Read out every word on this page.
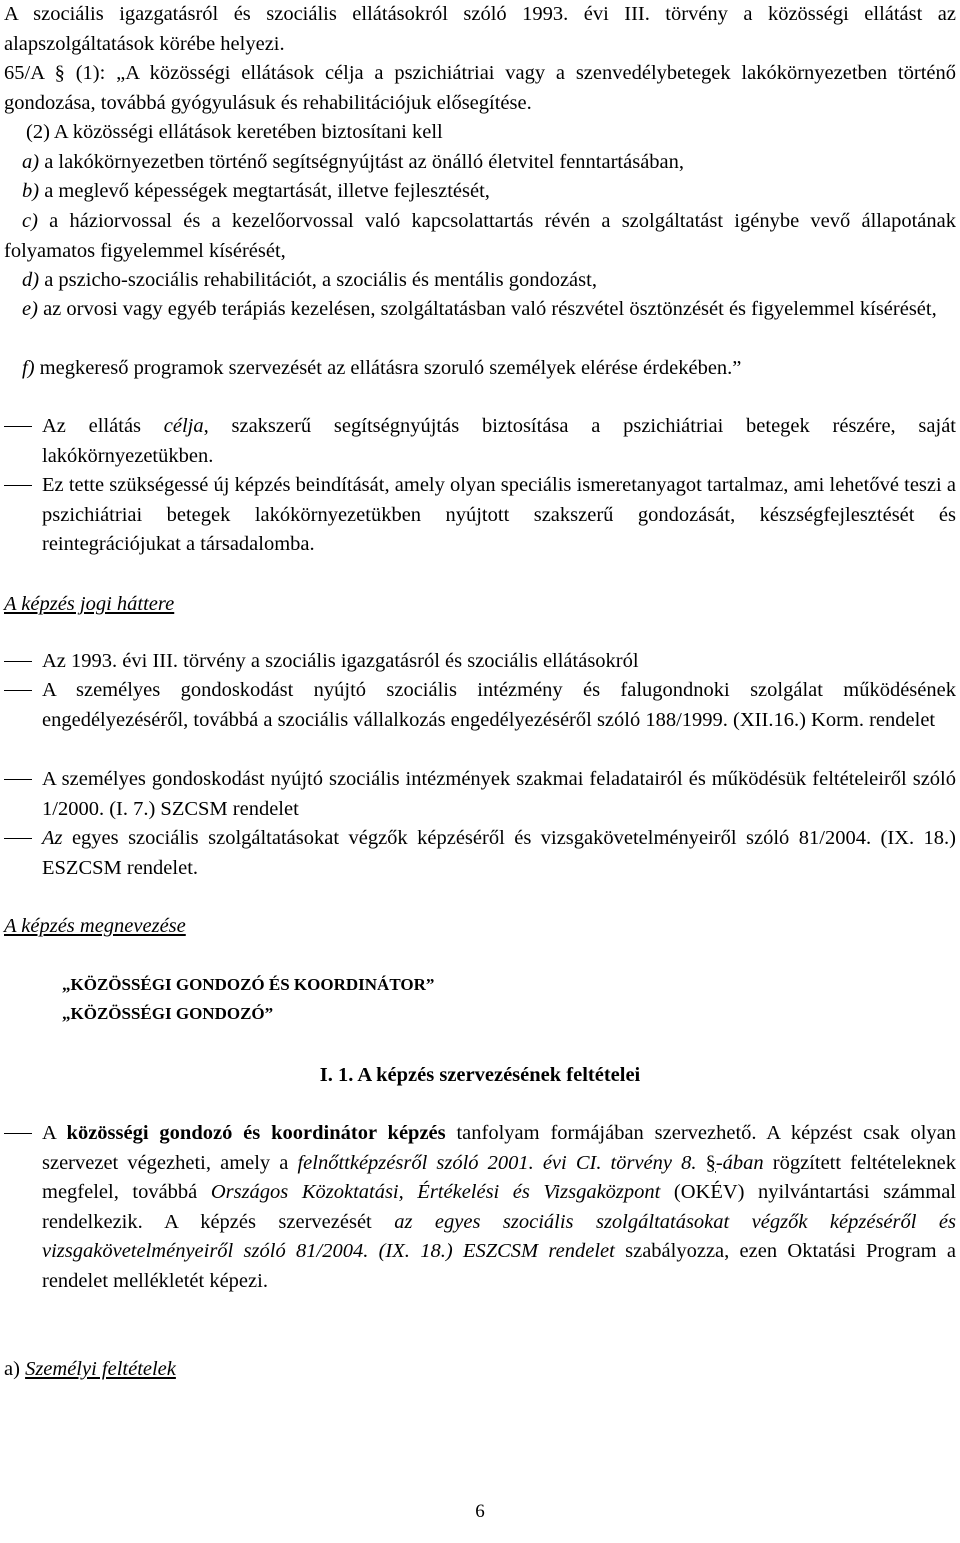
A szociális igazgatásról és szociális ellátásokról szóló 1993. évi III. törvény a közösségi ellátást az alapszolgáltatások körébe helyezi.
65/A § (1): „A közösségi ellátások célja a pszichiátriai vagy a szenvedélybetegek lakókörnyezetben történő gondozása, továbbá gyógyulásuk és rehabilitációjuk elősegítése.
(2) A közösségi ellátások keretében biztosítani kell
a) a lakókörnyezetben történő segítségnyújtást az önálló életvitel fenntartásában,
b) a meglevő képességek megtartását, illetve fejlesztését,
c) a háziorvossal és a kezelőorvossal való kapcsolattartás révén a szolgáltatást igénybe vevő állapotának folyamatos figyelemmel kísérését,
d) a pszicho-szociális rehabilitációt, a szociális és mentális gondozást,
e) az orvosi vagy egyéb terápiás kezelésen, szolgáltatásban való részvétel ösztönzését és figyelemmel kísérését,
f) megkereső programok szervezését az ellátásra szoruló személyek elérése érdekében.”
Az ellátás célja, szakszerű segítségnyújtás biztosítása a pszichiátriai betegek részére, saját lakókörnyezetükben.
Ez tette szükségessé új képzés beindítását, amely olyan speciális ismeretanyagot tartalmaz, ami lehetővé teszi a pszichiátriai betegek lakókörnyezetükben nyújtott szakszerű gondozását, készségfejlesztését és reintegrációjukat a társadalomba.
A képzés jogi háttere
Az 1993. évi III. törvény a szociális igazgatásról és szociális ellátásokról
A személyes gondoskodást nyújtó szociális intézmény és falugondnoki szolgálat működésének engedélyezéséről, továbbá a szociális vállalkozás engedélyezéséről szóló 188/1999. (XII.16.) Korm. rendelet
A személyes gondoskodást nyújtó szociális intézmények szakmai feladatairól és működésük feltételeiről szóló 1/2000. (I. 7.) SZCSM rendelet
Az egyes szociális szolgáltatásokat végzők képzéséről és vizsgakövetelményeiről szóló 81/2004. (IX. 18.) ESZCSM rendelet.
A képzés megnevezése
„KÖZÖSSÉGI GONDOZÓ ÉS KOORDINÁTOR”
„KÖZÖSSÉGI GONDOZÓ”
I. 1. A képzés szervezésének feltételei
A közösségi gondozó és koordinátor képzés tanfolyam formájában szervezhető. A képzést csak olyan szervezet végezheti, amely a felnőttképzésről szóló 2001. évi CI. törvény 8. §-ában rögzített feltételeknek megfelel, továbbá Országos Közoktatási, Értékelési és Vizsgaközpont (OKÉV) nyilvántartási számmal rendelkezik. A képzés szervezését az egyes szociális szolgáltatásokat végzők képzéséről és vizsgakövetelményeiről szóló 81/2004. (IX. 18.) ESZCSM rendelet szabályozza, ezen Oktatási Program a rendelet mellékletét képezi.
a) Személyi feltételek
6
